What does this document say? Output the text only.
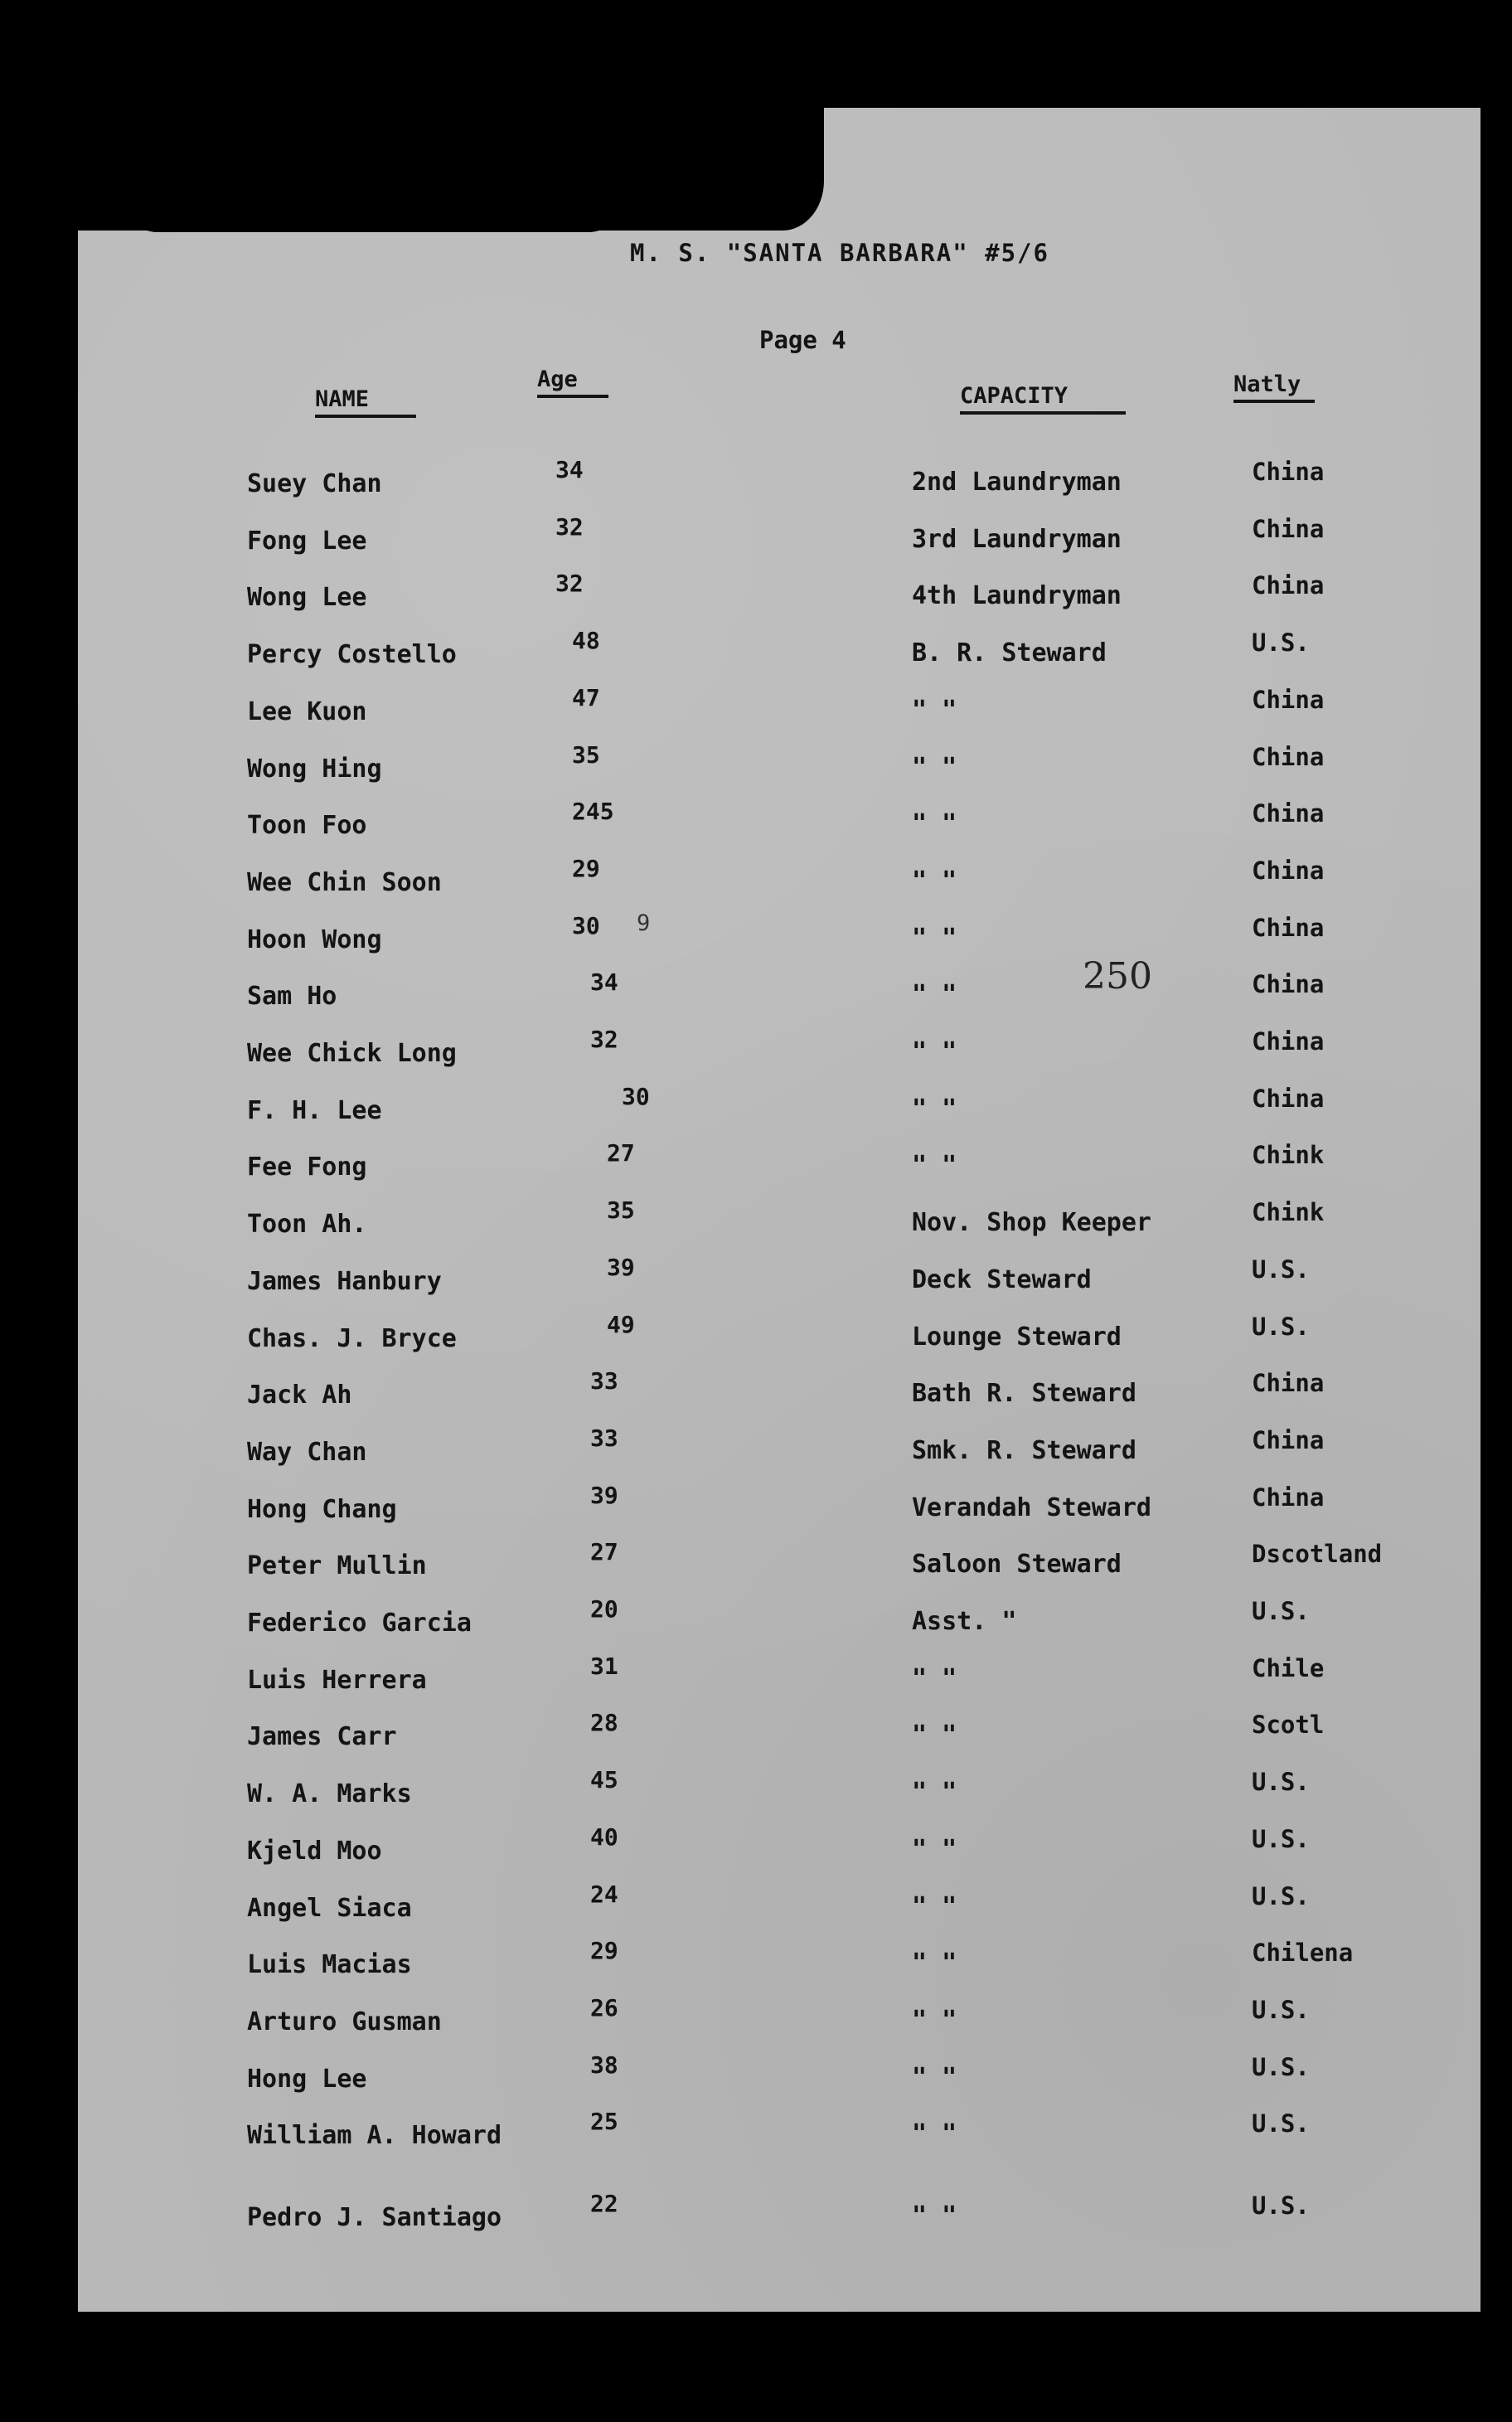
M. S. "SANTA BARBARA" #5/6
Page 4
NAME
Age
CAPACITY	Natly
Suey Chan	34	2nd Laundryman	China
Fong Lee	32	3rd Laundryman	China
Wong Lee	32	4th Laundryman	China
Percy Costello	48	B. R. Steward	U.S.
Lee Kuon	47	" "	China
Wong Hing	35	" "	China
Toon Foo	245	" "	China
Wee Chin Soon	29	" "	China
Hoon Wong	30	" "	China
Sam Ho	34	" "	China
Wee Chick Long	32	" "	China
F. H. Lee	30	" "	China
Fee Fong	27	" "	Chink
Toon Ah.	35	Nov. Shop Keeper	Chink
James Hanbury	39	Deck Steward	U.S.
Chas. J. Bryce	49	Lounge Steward	U.S.
Jack Ah	33	Bath R. Steward	China
Way Chan	33	Smk. R. Steward	China
Hong Chang	39	Verandah Steward	China
Peter Mullin	27	Saloon Steward	Dscotland
Federico Garcia	20	Asst. "	U.S.
Luis Herrera	31	" "	Chile
James Carr	28	" "	Scotl
W. A. Marks	45	" "	U.S.
Kjeld Moo	40	" "	U.S.
Angel Siaca	24	" "	U.S.
Luis Macias	29	" "	Chilena
Arturo Gusman	26	" "	U.S.
Hong Lee	38	" "	U.S.
William A. Howard	25	" "	U.S.
Pedro J. Santiago	22	" "	U.S.
250
9
